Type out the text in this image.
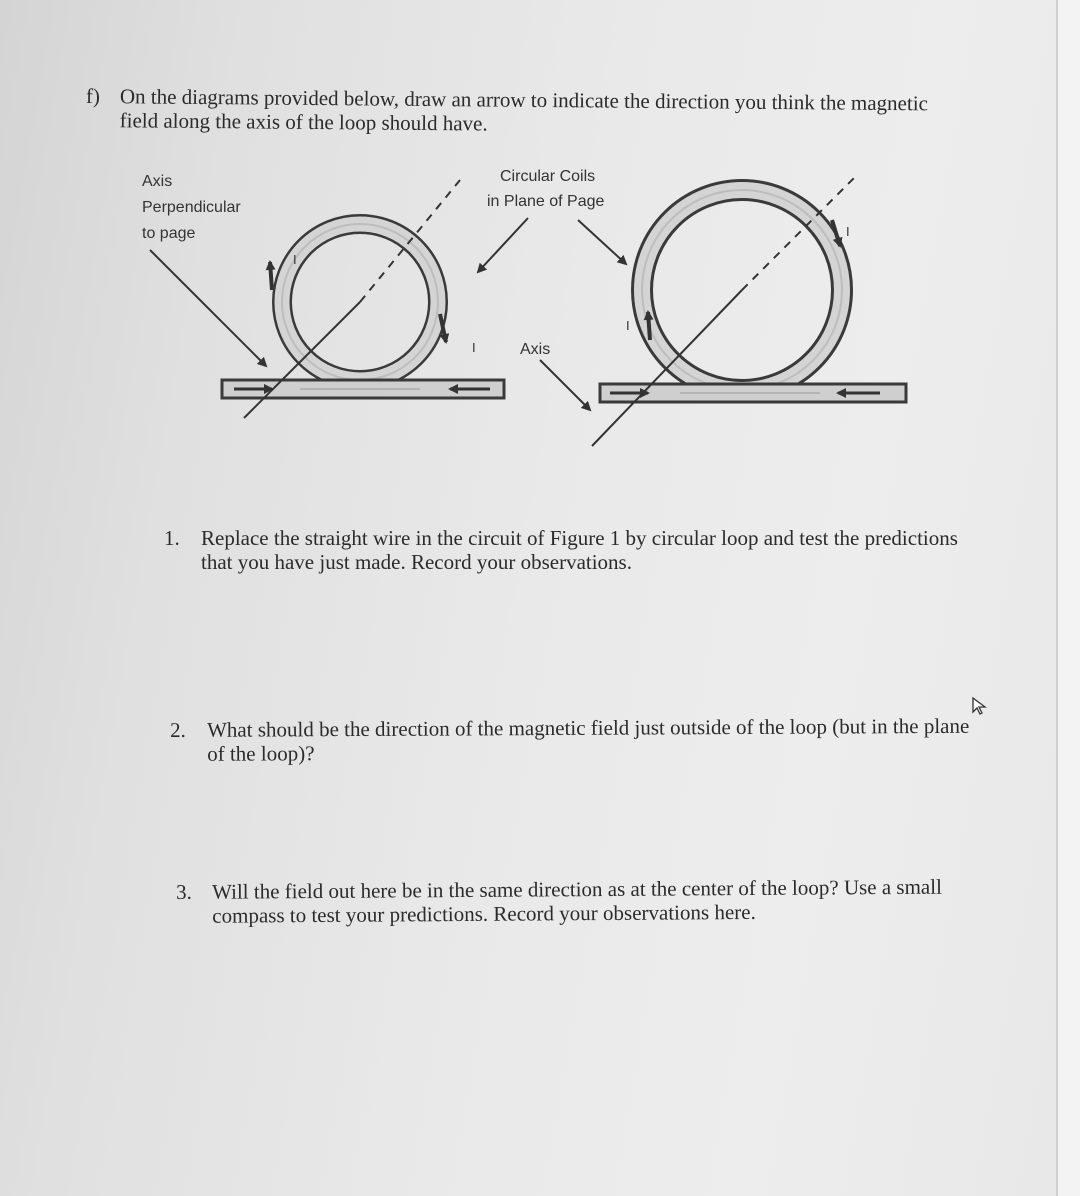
f) On the diagrams provided below, draw an arrow to indicate the direction you think the magnetic field along the axis of the loop should have.
I
I
I
I
Axis
Perpendicular
to page
Circular Coils
in Plane of Page
Axis
1. Replace the straight wire in the circuit of Figure 1 by circular loop and test the predictions that you have just made. Record your observations.
2. What should be the direction of the magnetic field just outside of the loop (but in the plane of the loop)?
3. Will the field out here be in the same direction as at the center of the loop? Use a small compass to test your predictions. Record your observations here.
